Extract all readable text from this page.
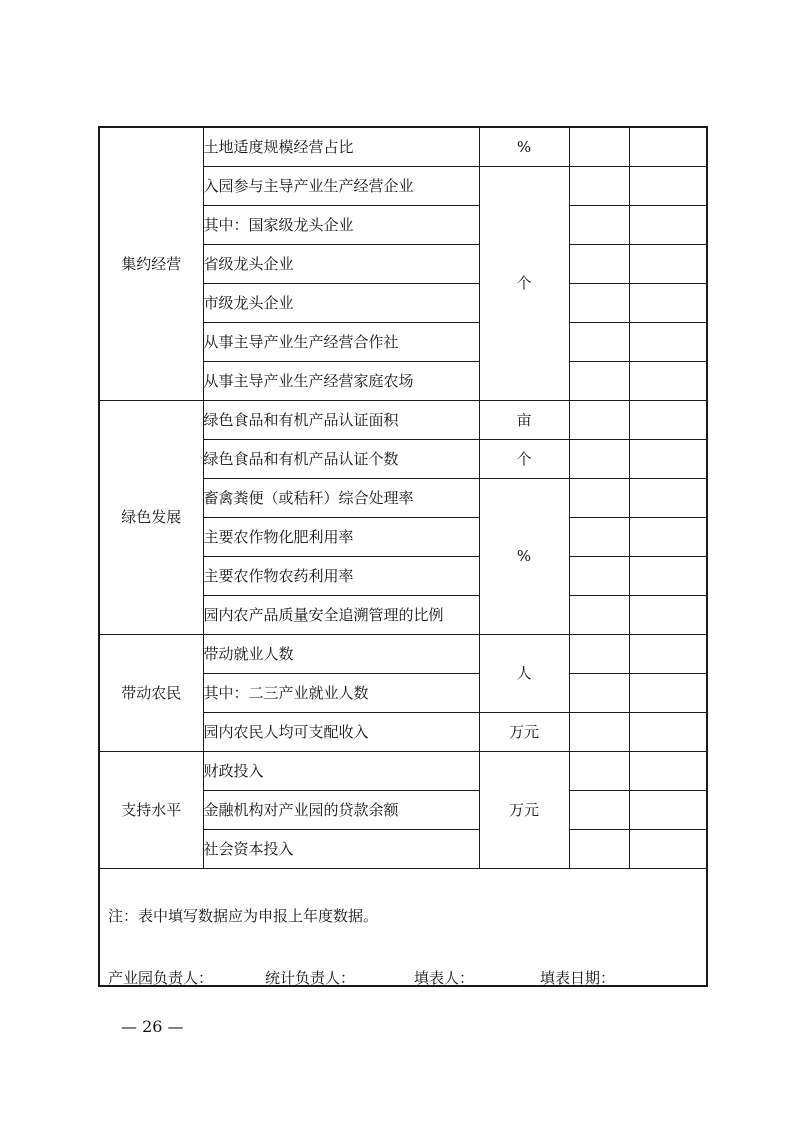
集约经营	土地适度规模经营占比	%		
	入园参与主导产业生产经营企业	个		
	其中：国家级龙头企业			
	省级龙头企业			
	市级龙头企业			
	从事主导产业生产经营合作社			
	从事主导产业生产经营家庭农场			
绿色发展	绿色食品和有机产品认证面积	亩		
	绿色食品和有机产品认证个数	个		
	畜禽粪便（或秸秆）综合处理率	%		
	主要农作物化肥利用率			
	主要农作物农药利用率			
	园内农产品质量安全追溯管理的比例			
带动农民	带动就业人数	人		
	其中：二三产业就业人数			
	园内农民人均可支配收入	万元		
支持水平	财政投入	万元		
	金融机构对产业园的贷款余额			
	社会资本投入			

注：表中填写数据应为申报上年度数据。
产业园负责人： 统计负责人： 填表人： 填表日期：				
— 26 —
